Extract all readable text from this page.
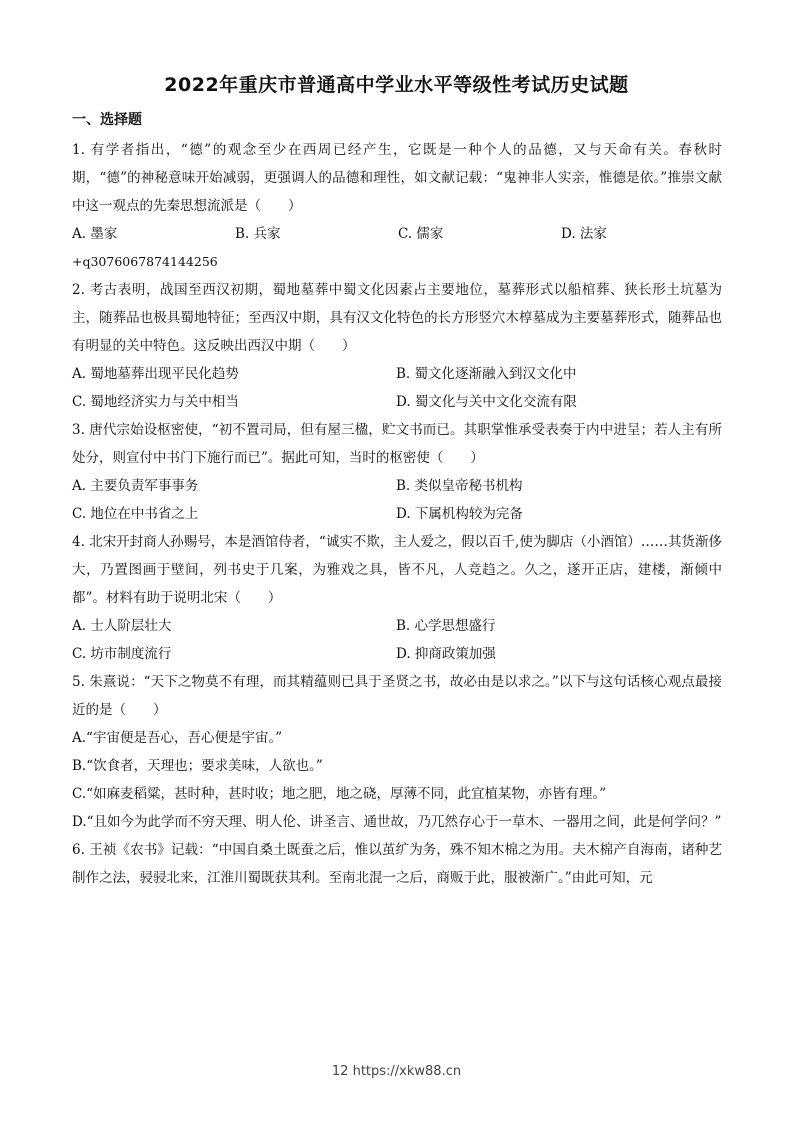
2022年重庆市普通高中学业水平等级性考试历史试题
一、选择题
1. 有学者指出，“德”的观念至少在西周已经产生，它既是一种个人的品德，又与天命有关。春秋时期，“德”的神秘意味开始减弱，更强调人的品德和理性，如文献记载：“鬼神非人实亲，惟德是依。”推崇文献中这一观点的先秦思想流派是（　　）
A. 墨家	B. 兵家	C. 儒家	D. 法家
+q3076067874144256
2. 考古表明，战国至西汉初期，蜀地墓葬中蜀文化因素占主要地位，墓葬形式以船棺葬、狭长形土坑墓为主，随葬品也极具蜀地特征；至西汉中期，具有汉文化特色的长方形竖穴木椁墓成为主要墓葬形式，随葬品也有明显的关中特色。这反映出西汉中期（　　）
A. 蜀地墓葬出现平民化趋势	B. 蜀文化逐渐融入到汉文化中
C. 蜀地经济实力与关中相当	D. 蜀文化与关中文化交流有限
3. 唐代宗始设枢密使，“初不置司局，但有屋三楹，贮文书而已。其职掌惟承受表奏于内中进呈；若人主有所处分，则宣付中书门下施行而已”。据此可知，当时的枢密使（　　）
A. 主要负责军事事务	B. 类似皇帝秘书机构
C. 地位在中书省之上	D. 下属机构较为完备
4. 北宋开封商人孙赐号，本是酒馆侍者，“诚实不欺，主人爱之，假以百千,使为脚店（小酒馆）……其货渐侈大，乃置图画于壁间，列书史于几案，为雅戏之具，皆不凡，人竞趋之。久之，遂开正店，建楼，渐倾中都”。材料有助于说明北宋（　　）
A. 士人阶层壮大	B. 心学思想盛行
C. 坊市制度流行	D. 抑商政策加强
5. 朱熹说：“天下之物莫不有理，而其精蕴则已具于圣贤之书，故必由是以求之。”以下与这句话核心观点最接近的是（　　）
A.“宇宙便是吾心，吾心便是宇宙。”
B.“饮食者，天理也；要求美味，人欲也。”
C.“如麻麦稻粱，甚时种，甚时收；地之肥，地之硗，厚薄不同，此宜植某物，亦皆有理。”
D.“且如今为此学而不穷天理、明人伦、讲圣言、通世故，乃兀然存心于一草木、一器用之间，此是何学问？”
6. 王祯《农书》记载：“中国自桑土既蚕之后，惟以茧纩为务，殊不知木棉之为用。夫木棉产自海南，诸种艺制作之法，骎骎北来，江淮川蜀既获其利。至南北混一之后，商贩于此，服被渐广。”由此可知，元
12 https://xkw88.cn
